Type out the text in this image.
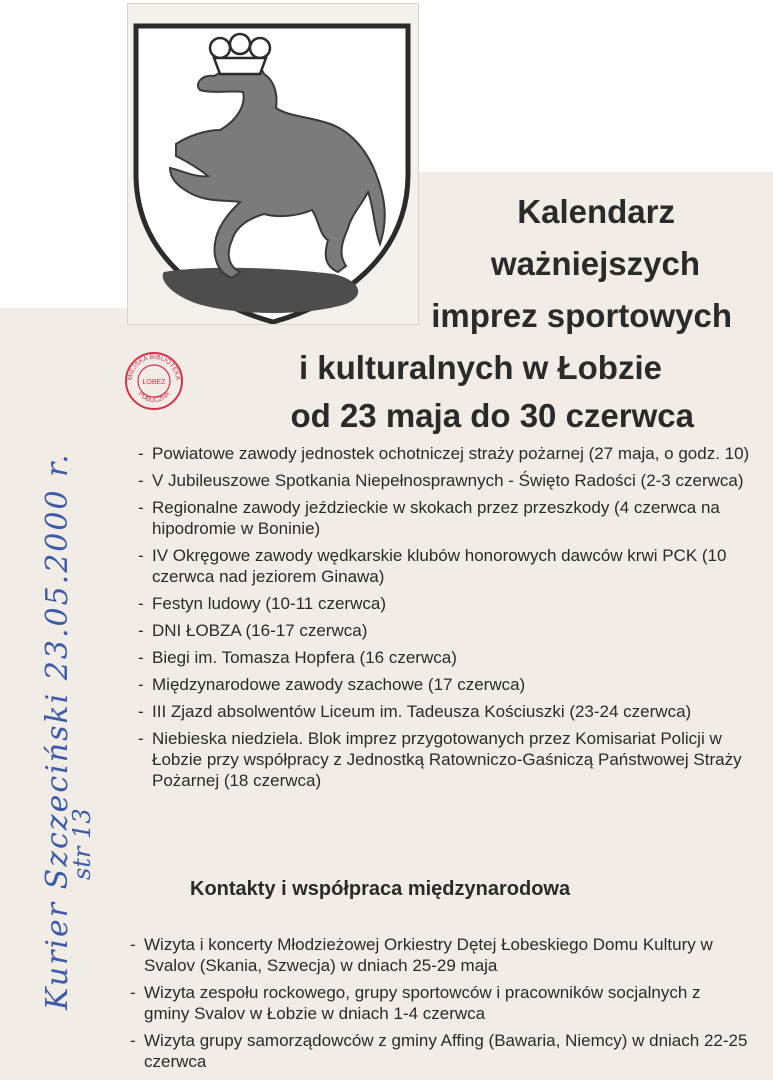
Kalendarz
ważniejszych
imprez sportowych
i kulturalnych w Łobzie
od 23 maja do 30 czerwca
MIEJSKA BIBLIOTEKA
ŁOBEZ
PUBLICZNA
- Powiatowe zawody jednostek ochotniczej straży pożarnej (27 maja, o godz. 10)
- V Jubileuszowe Spotkania Niepełnosprawnych - Święto Radości (2-3 czerwca)
- Regionalne zawody jeździeckie w skokach przez przeszkody (4 czerwca na hipodromie w Boninie)
- IV Okręgowe zawody wędkarskie klubów honorowych dawców krwi PCK (10 czerwca nad jeziorem Ginawa)
- Festyn ludowy (10-11 czerwca)
- DNI ŁOBZA (16-17 czerwca)
- Biegi im. Tomasza Hopfera (16 czerwca)
- Międzynarodowe zawody szachowe (17 czerwca)
- III Zjazd absolwentów Liceum im. Tadeusza Kościuszki (23-24 czerwca)
- Niebieska niedziela. Blok imprez przygotowanych przez Komisariat Policji w Łobzie przy współpracy z Jednostką Ratowniczo-Gaśniczą Państwowej Straży Pożarnej (18 czerwca)
Kontakty i współpraca międzynarodowa
- Wizyta i koncerty Młodzieżowej Orkiestry Dętej Łobeskiego Domu Kultury w Svalov (Skania, Szwecja) w dniach 25-29 maja
- Wizyta zespołu rockowego, grupy sportowców i pracowników socjalnych z gminy Svalov w Łobzie w dniach 1-4 czerwca
- Wizyta grupy samorządowców z gminy Affing (Bawaria, Niemcy) w dniach 22-25 czerwca
Kurier Szczeciński 23.05.2000 r.
str 13
